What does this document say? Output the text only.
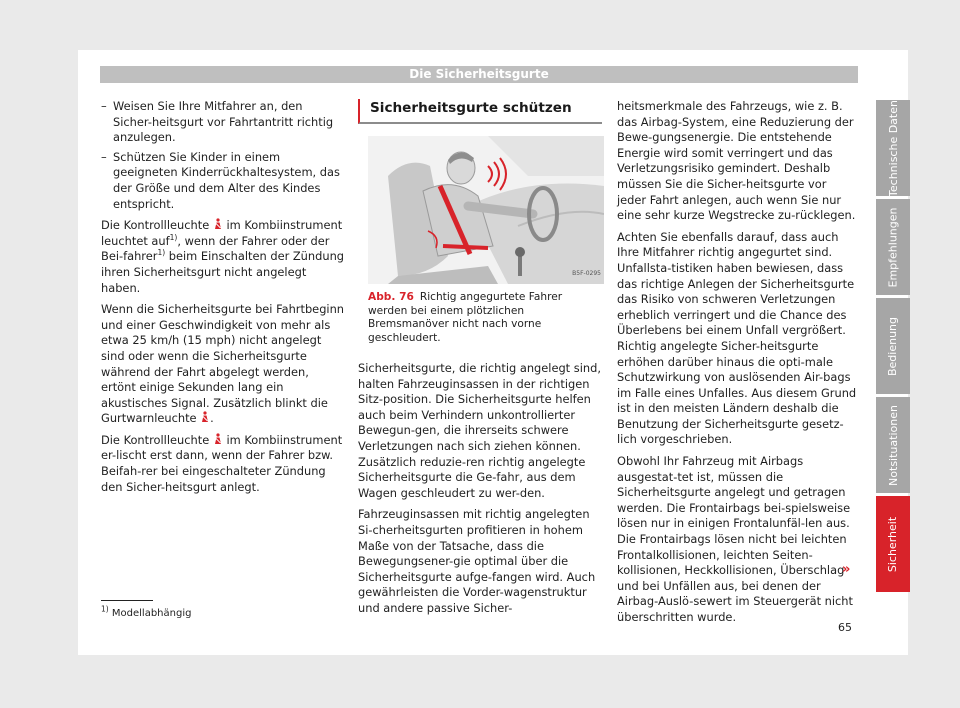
Die Sicherheitsgurte
– Weisen Sie Ihre Mitfahrer an, den Sicher-heitsgurt vor Fahrtantritt richtig anzulegen.
– Schützen Sie Kinder in einem geeigneten Kinderrückhaltesystem, das der Größe und dem Alter des Kindes entspricht.

Die Kontrollleuchte im Kombiinstrument leuchtet auf$^{1)}$, wenn der Fahrer oder der Bei-fahrer$^{1)}$ beim Einschalten der Zündung ihren Sicherheitsgurt nicht angelegt haben.

Wenn die Sicherheitsgurte bei Fahrtbeginn und einer Geschwindigkeit von mehr als etwa 25 km/h (15 mph) nicht angelegt sind oder wenn die Sicherheitsgurte während der Fahrt abgelegt werden, ertönt einige Sekunden lang ein akustisches Signal. Zusätzlich blinkt die Gurtwarnleuchte .

Die Kontrollleuchte im Kombiinstrument er-lischt erst dann, wenn der Fahrer bzw. Beifah-rer bei eingeschalteter Zündung den Sicher-heitsgurt anlegt.

Sicherheitsgurte schützen
B5F-0295
Abb. 76 Richtig angegurtete Fahrer werden bei einem plötzlichen Bremsmanöver nicht nach vorne geschleudert.

Sicherheitsgurte, die richtig angelegt sind, halten Fahrzeuginsassen in der richtigen Sitz-position. Die Sicherheitsgurte helfen auch beim Verhindern unkontrollierter Bewegun-gen, die ihrerseits schwere Verletzungen nach sich ziehen können. Zusätzlich reduzie-ren richtig angelegte Sicherheitsgurte die Ge-fahr, aus dem Wagen geschleudert zu wer-den.

Fahrzeuginsassen mit richtig angelegten Si-cherheitsgurten profitieren in hohem Maße von der Tatsache, dass die Bewegungsener-gie optimal über die Sicherheitsgurte aufge-fangen wird. Auch gewährleisten die Vorder-wagenstruktur und andere passive Sicher-

heitsmerkmale des Fahrzeugs, wie z. B. das Airbag-System, eine Reduzierung der Bewe-gungsenergie. Die entstehende Energie wird somit verringert und das Verletzungsrisiko gemindert. Deshalb müssen Sie die Sicher-heitsgurte vor jeder Fahrt anlegen, auch wenn Sie nur eine sehr kurze Wegstrecke zu-rücklegen.

Achten Sie ebenfalls darauf, dass auch Ihre Mitfahrer richtig angegurtet sind. Unfallsta-tistiken haben bewiesen, dass das richtige Anlegen der Sicherheitsgurte das Risiko von schweren Verletzungen erheblich verringert und die Chance des Überlebens bei einem Unfall vergrößert. Richtig angelegte Sicher-heitsgurte erhöhen darüber hinaus die opti-male Schutzwirkung von auslösenden Air-bags im Falle eines Unfalles. Aus diesem Grund ist in den meisten Ländern deshalb die Benutzung der Sicherheitsgurte gesetz-lich vorgeschrieben.

Obwohl Ihr Fahrzeug mit Airbags ausgestat-tet ist, müssen die Sicherheitsgurte angelegt und getragen werden. Die Frontairbags bei-spielsweise lösen nur in einigen Frontalunfäl-len aus. Die Frontairbags lösen nicht bei leichten Frontalkollisionen, leichten Seiten-kollisionen, Heckkollisionen, Überschlag und bei Unfällen aus, bei denen der Airbag-Auslö-sewert im Steuergerät nicht überschritten wurde.

»
$^{1)}$ Modellabhängig
65
Technische Daten
Empfehlungen
Bedienung
Notsituationen
Sicherheit
